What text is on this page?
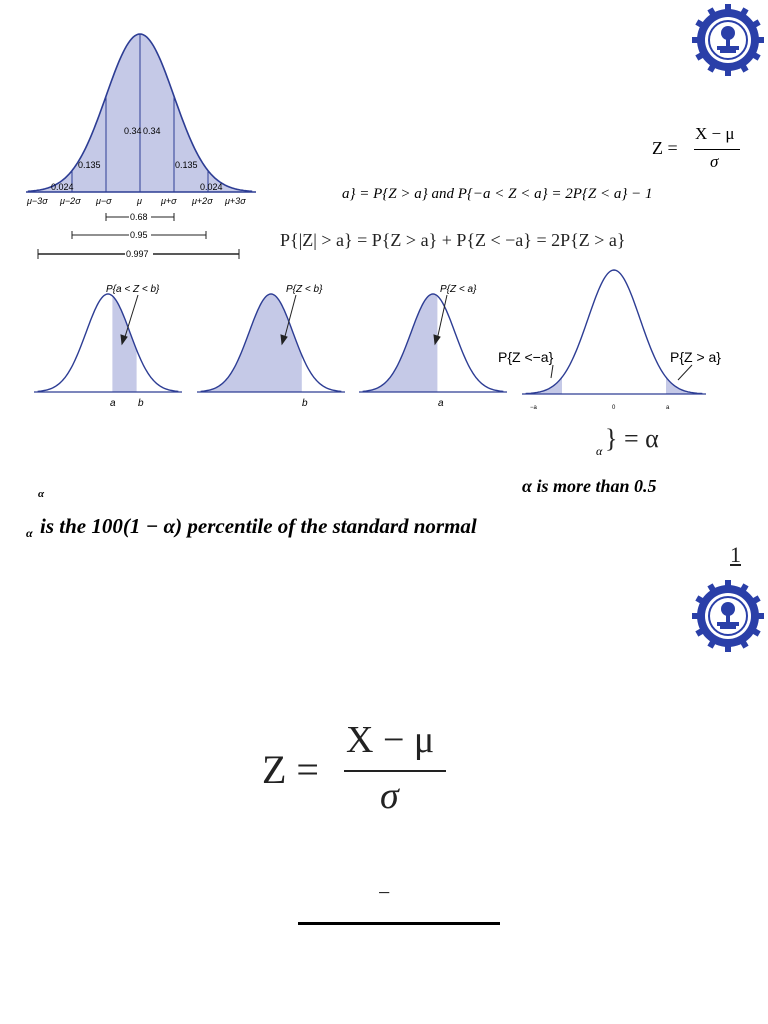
0.34 0.34
0.135	0.135
0.024	0.024
μ−3σ μ−2σ μ−σ	μ μ+σ μ+2σ μ+3σ
0.68
0.95
0.997
Z =
X − μ
σ
a} = P{Z > a} and P{−a < Z < a} = 2P{Z < a} − 1
P{|Z| > a} = P{Z > a} + P{Z < −a} = 2P{Z > a}
P{a < Z < b}	P{Z < b}	P{Z < a}
a b	b	a
P{Z <−a}	P{Z > a}
−a	0	a
α } = α
α is more than 0.5
α
α is the 100(1 − α) percentile of the standard normal
1
Z =
X − μ
σ
−
